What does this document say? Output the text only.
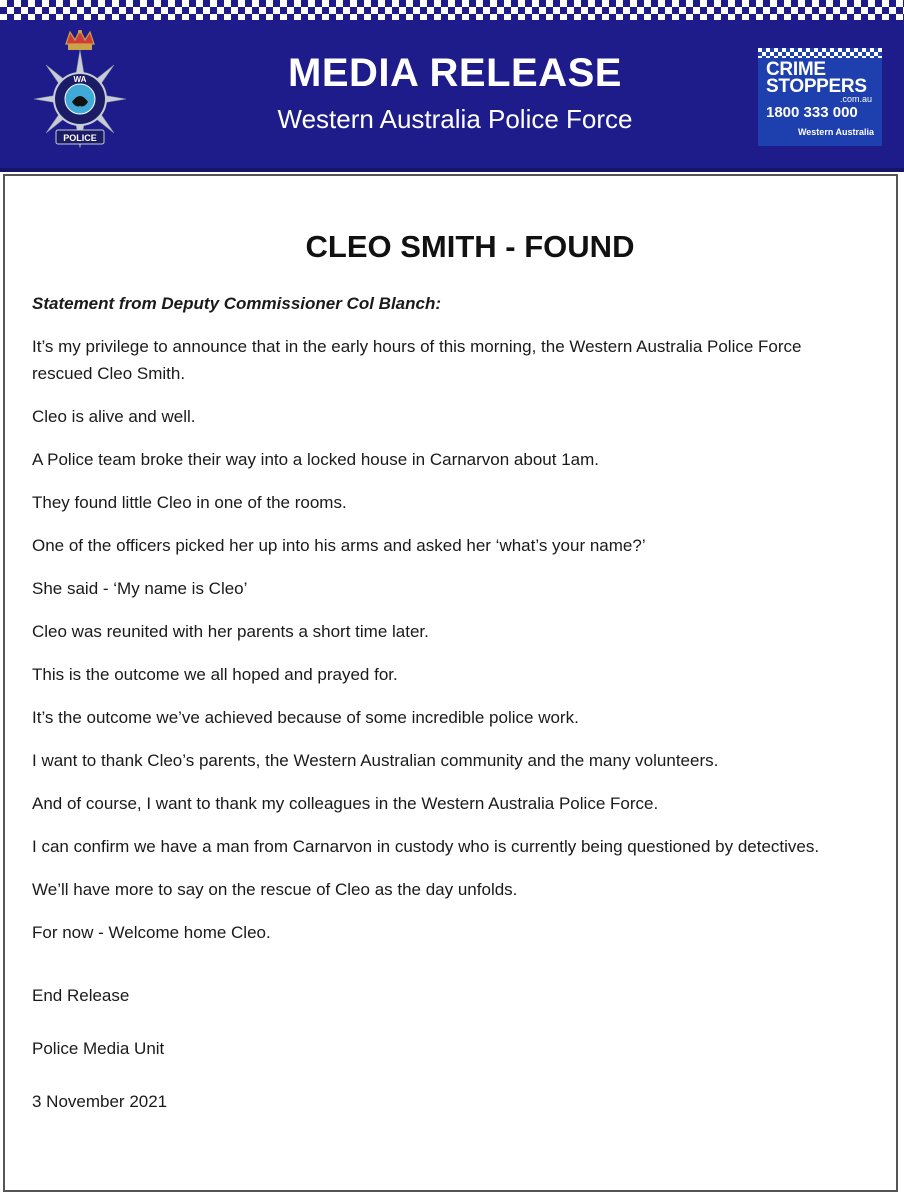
WA
POLICE
MEDIA RELEASE
Western Australia Police Force
CRIME
STOPPERS
.com.au
1800 333 000
Western Australia
CLEO SMITH - FOUND

Statement from Deputy Commissioner Col Blanch:

It’s my privilege to announce that in the early hours of this morning, the Western Australia Police Force rescued Cleo Smith.

Cleo is alive and well.

A Police team broke their way into a locked house in Carnarvon about 1am.

They found little Cleo in one of the rooms.

One of the officers picked her up into his arms and asked her ‘what’s your name?’

She said - ‘My name is Cleo’

Cleo was reunited with her parents a short time later.

This is the outcome we all hoped and prayed for.

It’s the outcome we’ve achieved because of some incredible police work.

I want to thank Cleo’s parents, the Western Australian community and the many volunteers.

And of course, I want to thank my colleagues in the Western Australia Police Force.

I can confirm we have a man from Carnarvon in custody who is currently being questioned by detectives.

We’ll have more to say on the rescue of Cleo as the day unfolds.

For now - Welcome home Cleo.

End Release

Police Media Unit

3 November 2021
